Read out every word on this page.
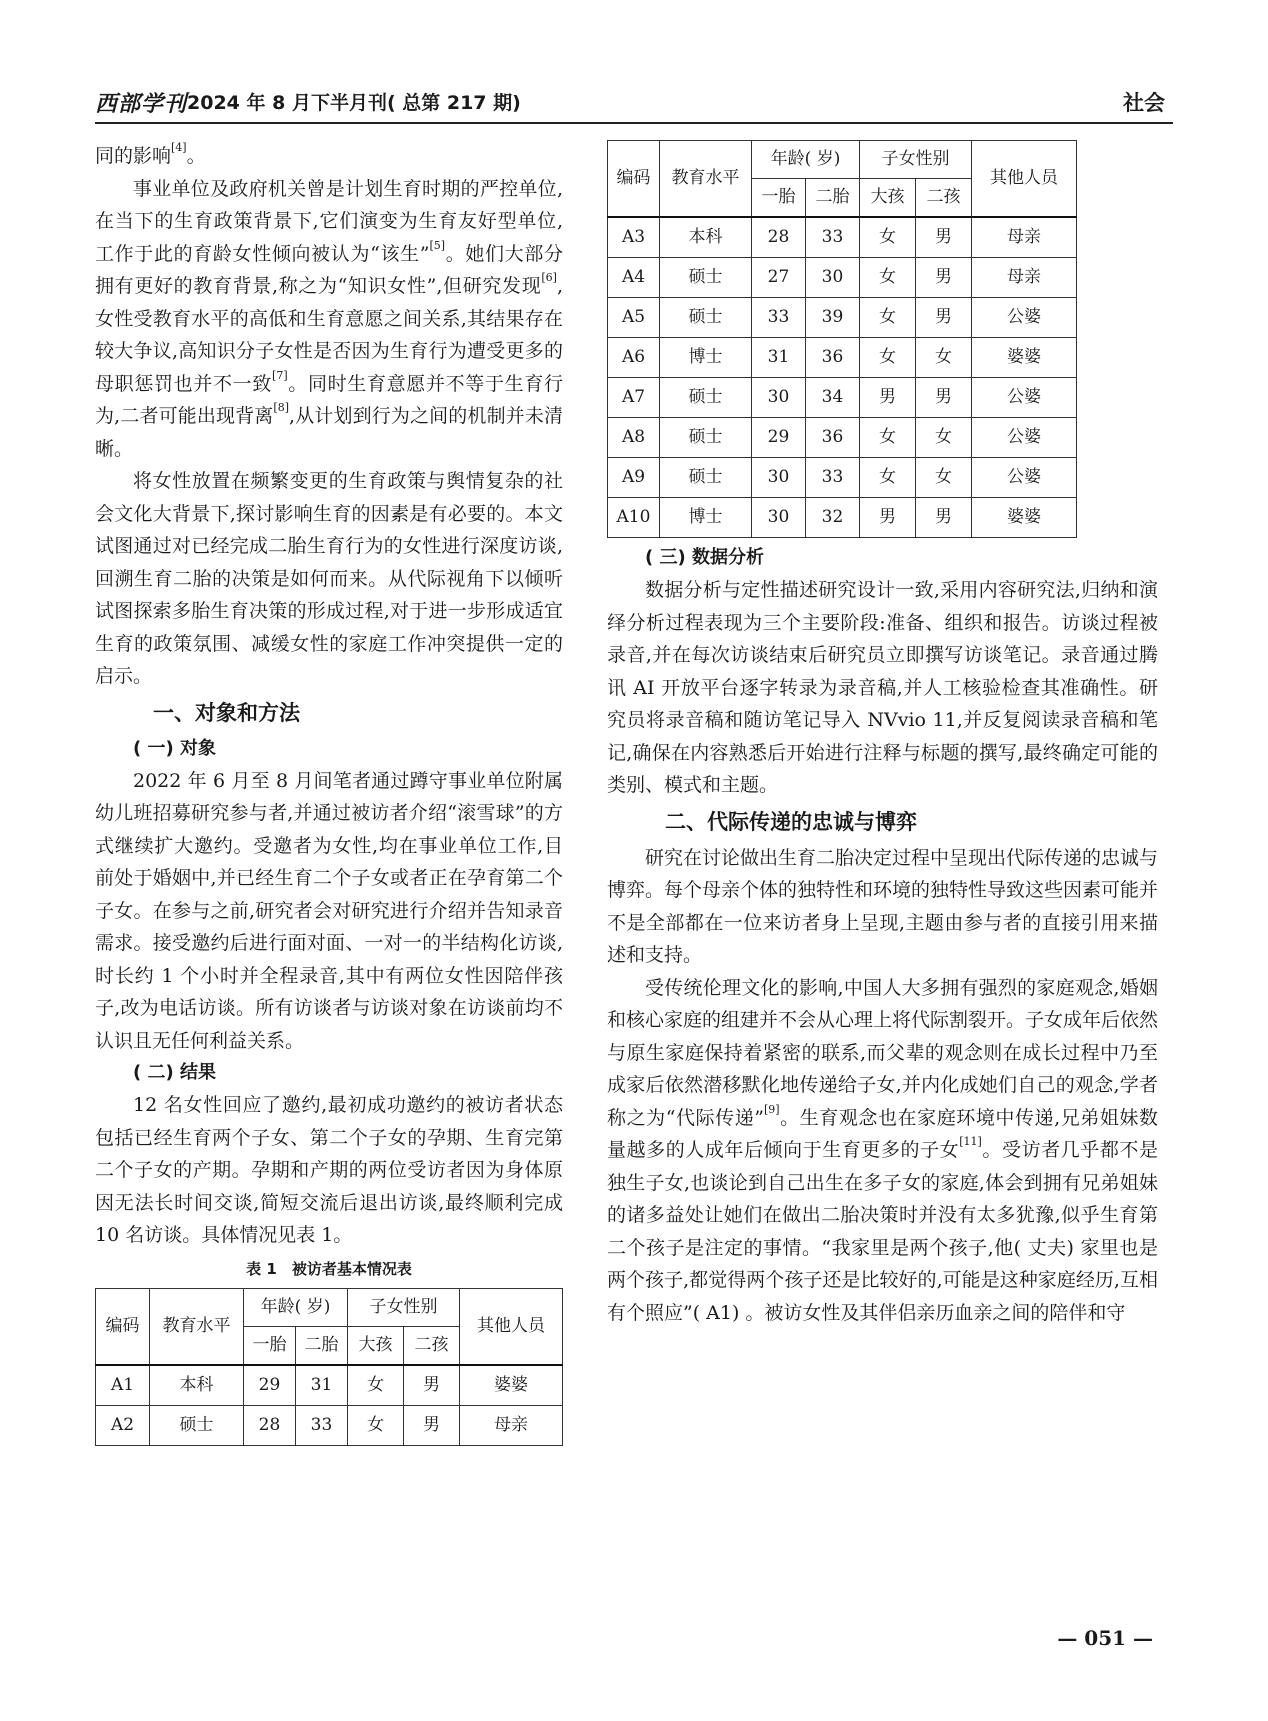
西部学刊 2024 年 8 月下半月刊( 总第 217 期)	社会

同的影响[4]。

事业单位及政府机关曾是计划生育时期的严控单位,在当下的生育政策背景下,它们演变为生育友好型单位,工作于此的育龄女性倾向被认为“该生”[5]。她们大部分拥有更好的教育背景,称之为“知识女性”,但研究发现[6],女性受教育水平的高低和生育意愿之间关系,其结果存在较大争议,高知识分子女性是否因为生育行为遭受更多的母职惩罚也并不一致[7]。同时生育意愿并不等于生育行为,二者可能出现背离[8],从计划到行为之间的机制并未清晰。

将女性放置在频繁变更的生育政策与舆情复杂的社会文化大背景下,探讨影响生育的因素是有必要的。本文试图通过对已经完成二胎生育行为的女性进行深度访谈,回溯生育二胎的决策是如何而来。从代际视角下以倾听试图探索多胎生育决策的形成过程,对于进一步形成适宜生育的政策氛围、减缓女性的家庭工作冲突提供一定的启示。

一、对象和方法
( 一) 对象

2022 年 6 月至 8 月间笔者通过蹲守事业单位附属幼儿班招募研究参与者,并通过被访者介绍“滚雪球”的方式继续扩大邀约。受邀者为女性,均在事业单位工作,目前处于婚姻中,并已经生育二个子女或者正在孕育第二个子女。在参与之前,研究者会对研究进行介绍并告知录音需求。接受邀约后进行面对面、一对一的半结构化访谈,时长约 1 个小时并全程录音,其中有两位女性因陪伴孩子,改为电话访谈。所有访谈者与访谈对象在访谈前均不认识且无任何利益关系。

( 二) 结果

12 名女性回应了邀约,最初成功邀约的被访者状态包括已经生育两个子女、第二个子女的孕期、生育完第二个子女的产期。孕期和产期的两位受访者因为身体原因无法长时间交谈,简短交流后退出访谈,最终顺利完成 10 名访谈。具体情况见表 1。

表 1　被访者基本情况表
编码	教育水平	年龄( 岁)		子女性别		其他人员
		一胎	二胎	大孩	二孩	
A1	本科	29	31	女	男	婆婆
A2	硕士	28	33	女	男	母亲
编码	教育水平	年龄( 岁)		子女性别		其他人员
		一胎	二胎	大孩	二孩	
A3	本科	28	33	女	男	母亲
A4	硕士	27	30	女	男	母亲
A5	硕士	33	39	女	男	公婆
A6	博士	31	36	女	女	婆婆
A7	硕士	30	34	男	男	公婆
A8	硕士	29	36	女	女	公婆
A9	硕士	30	33	女	女	公婆
A10	博士	30	32	男	男	婆婆
( 三) 数据分析

数据分析与定性描述研究设计一致,采用内容研究法,归纳和演绎分析过程表现为三个主要阶段:准备、组织和报告。访谈过程被录音,并在每次访谈结束后研究员立即撰写访谈笔记。录音通过腾讯 AI 开放平台逐字转录为录音稿,并人工核验检查其准确性。研究员将录音稿和随访笔记导入 NVvio 11,并反复阅读录音稿和笔记,确保在内容熟悉后开始进行注释与标题的撰写,最终确定可能的类别、模式和主题。

二、代际传递的忠诚与博弈

研究在讨论做出生育二胎决定过程中呈现出代际传递的忠诚与博弈。每个母亲个体的独特性和环境的独特性导致这些因素可能并不是全部都在一位来访者身上呈现,主题由参与者的直接引用来描述和支持。

受传统伦理文化的影响,中国人大多拥有强烈的家庭观念,婚姻和核心家庭的组建并不会从心理上将代际割裂开。子女成年后依然与原生家庭保持着紧密的联系,而父辈的观念则在成长过程中乃至成家后依然潜移默化地传递给子女,并内化成她们自己的观念,学者称之为“代际传递”[9]。生育观念也在家庭环境中传递,兄弟姐妹数量越多的人成年后倾向于生育更多的子女[11]。受访者几乎都不是独生子女,也谈论到自己出生在多子女的家庭,体会到拥有兄弟姐妹的诸多益处让她们在做出二胎决策时并没有太多犹豫,似乎生育第二个孩子是注定的事情。“我家里是两个孩子,他( 丈夫) 家里也是两个孩子,都觉得两个孩子还是比较好的,可能是这种家庭经历,互相有个照应”( A1) 。被访女性及其伴侣亲历血亲之间的陪伴和守

— 051 —
